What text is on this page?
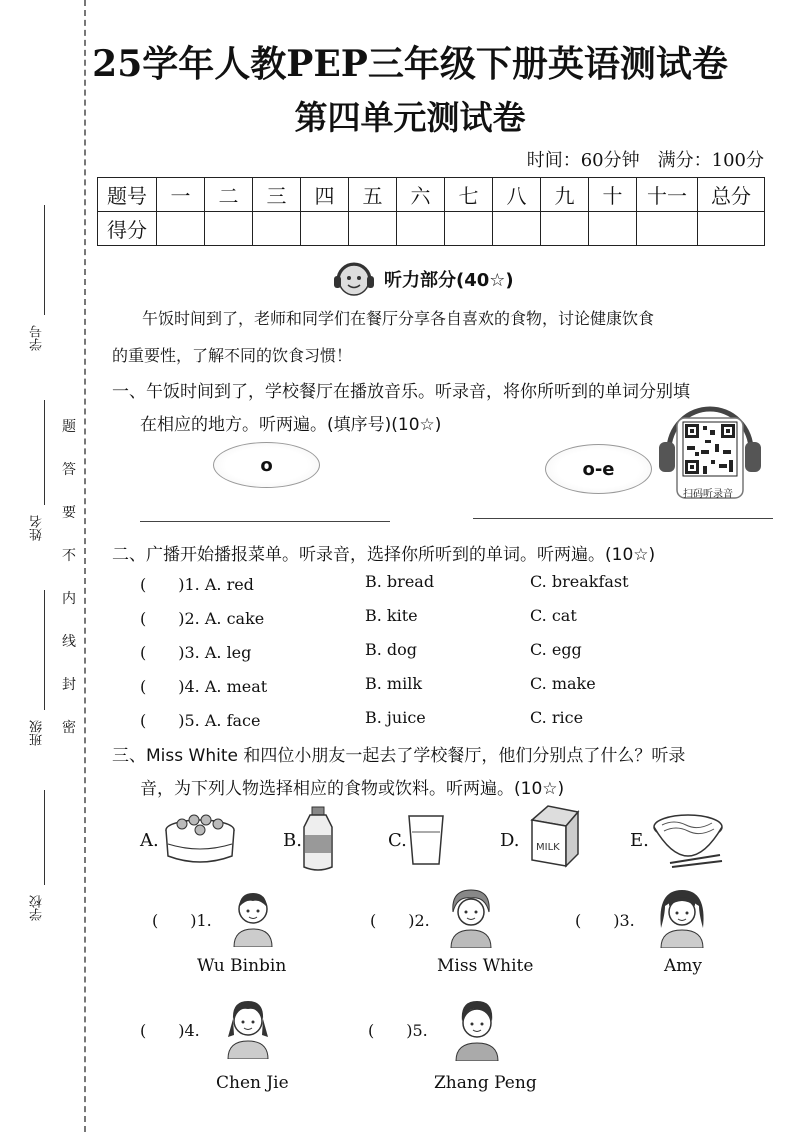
学号
姓名
班级
学校
题
答
要
不
内
线
封
密
25学年人教PEP三年级下册英语测试卷
第四单元测试卷
时间：60分钟　满分：100分
题号	一	二	三	四	五	六	七	八	九	十	十一	总分
得分												
听力部分(40☆)
午饭时间到了，老师和同学们在餐厅分享各自喜欢的食物，讨论健康饮食
的重要性，了解不同的饮食习惯！
一、午饭时间到了，学校餐厅在播放音乐。听录音，将你所听到的单词分别填
在相应的地方。听两遍。(填序号)(10☆)
o	o-e
扫码听录音
二、广播开始播报菜单。听录音，选择你所听到的单词。听两遍。(10☆)
(　　)1. A. red	B. bread	C. breakfast
(　　)2. A. cake	B. kite	C. cat
(　　)3. A. leg	B. dog	C. egg
(　　)4. A. meat	B. milk	C. make
(　　)5. A. face	B. juice	C. rice
三、Miss White 和四位小朋友一起去了学校餐厅，他们分别点了什么？听录
音，为下列人物选择相应的食物或饮料。听两遍。(10☆)
A.	B.	C.	D. MILK	E.
(　　)1.
Wu Binbin
(　　)2.
Miss White
(　　)3.
Amy
(　　)4.
Chen Jie
(　　)5.
Zhang Peng
